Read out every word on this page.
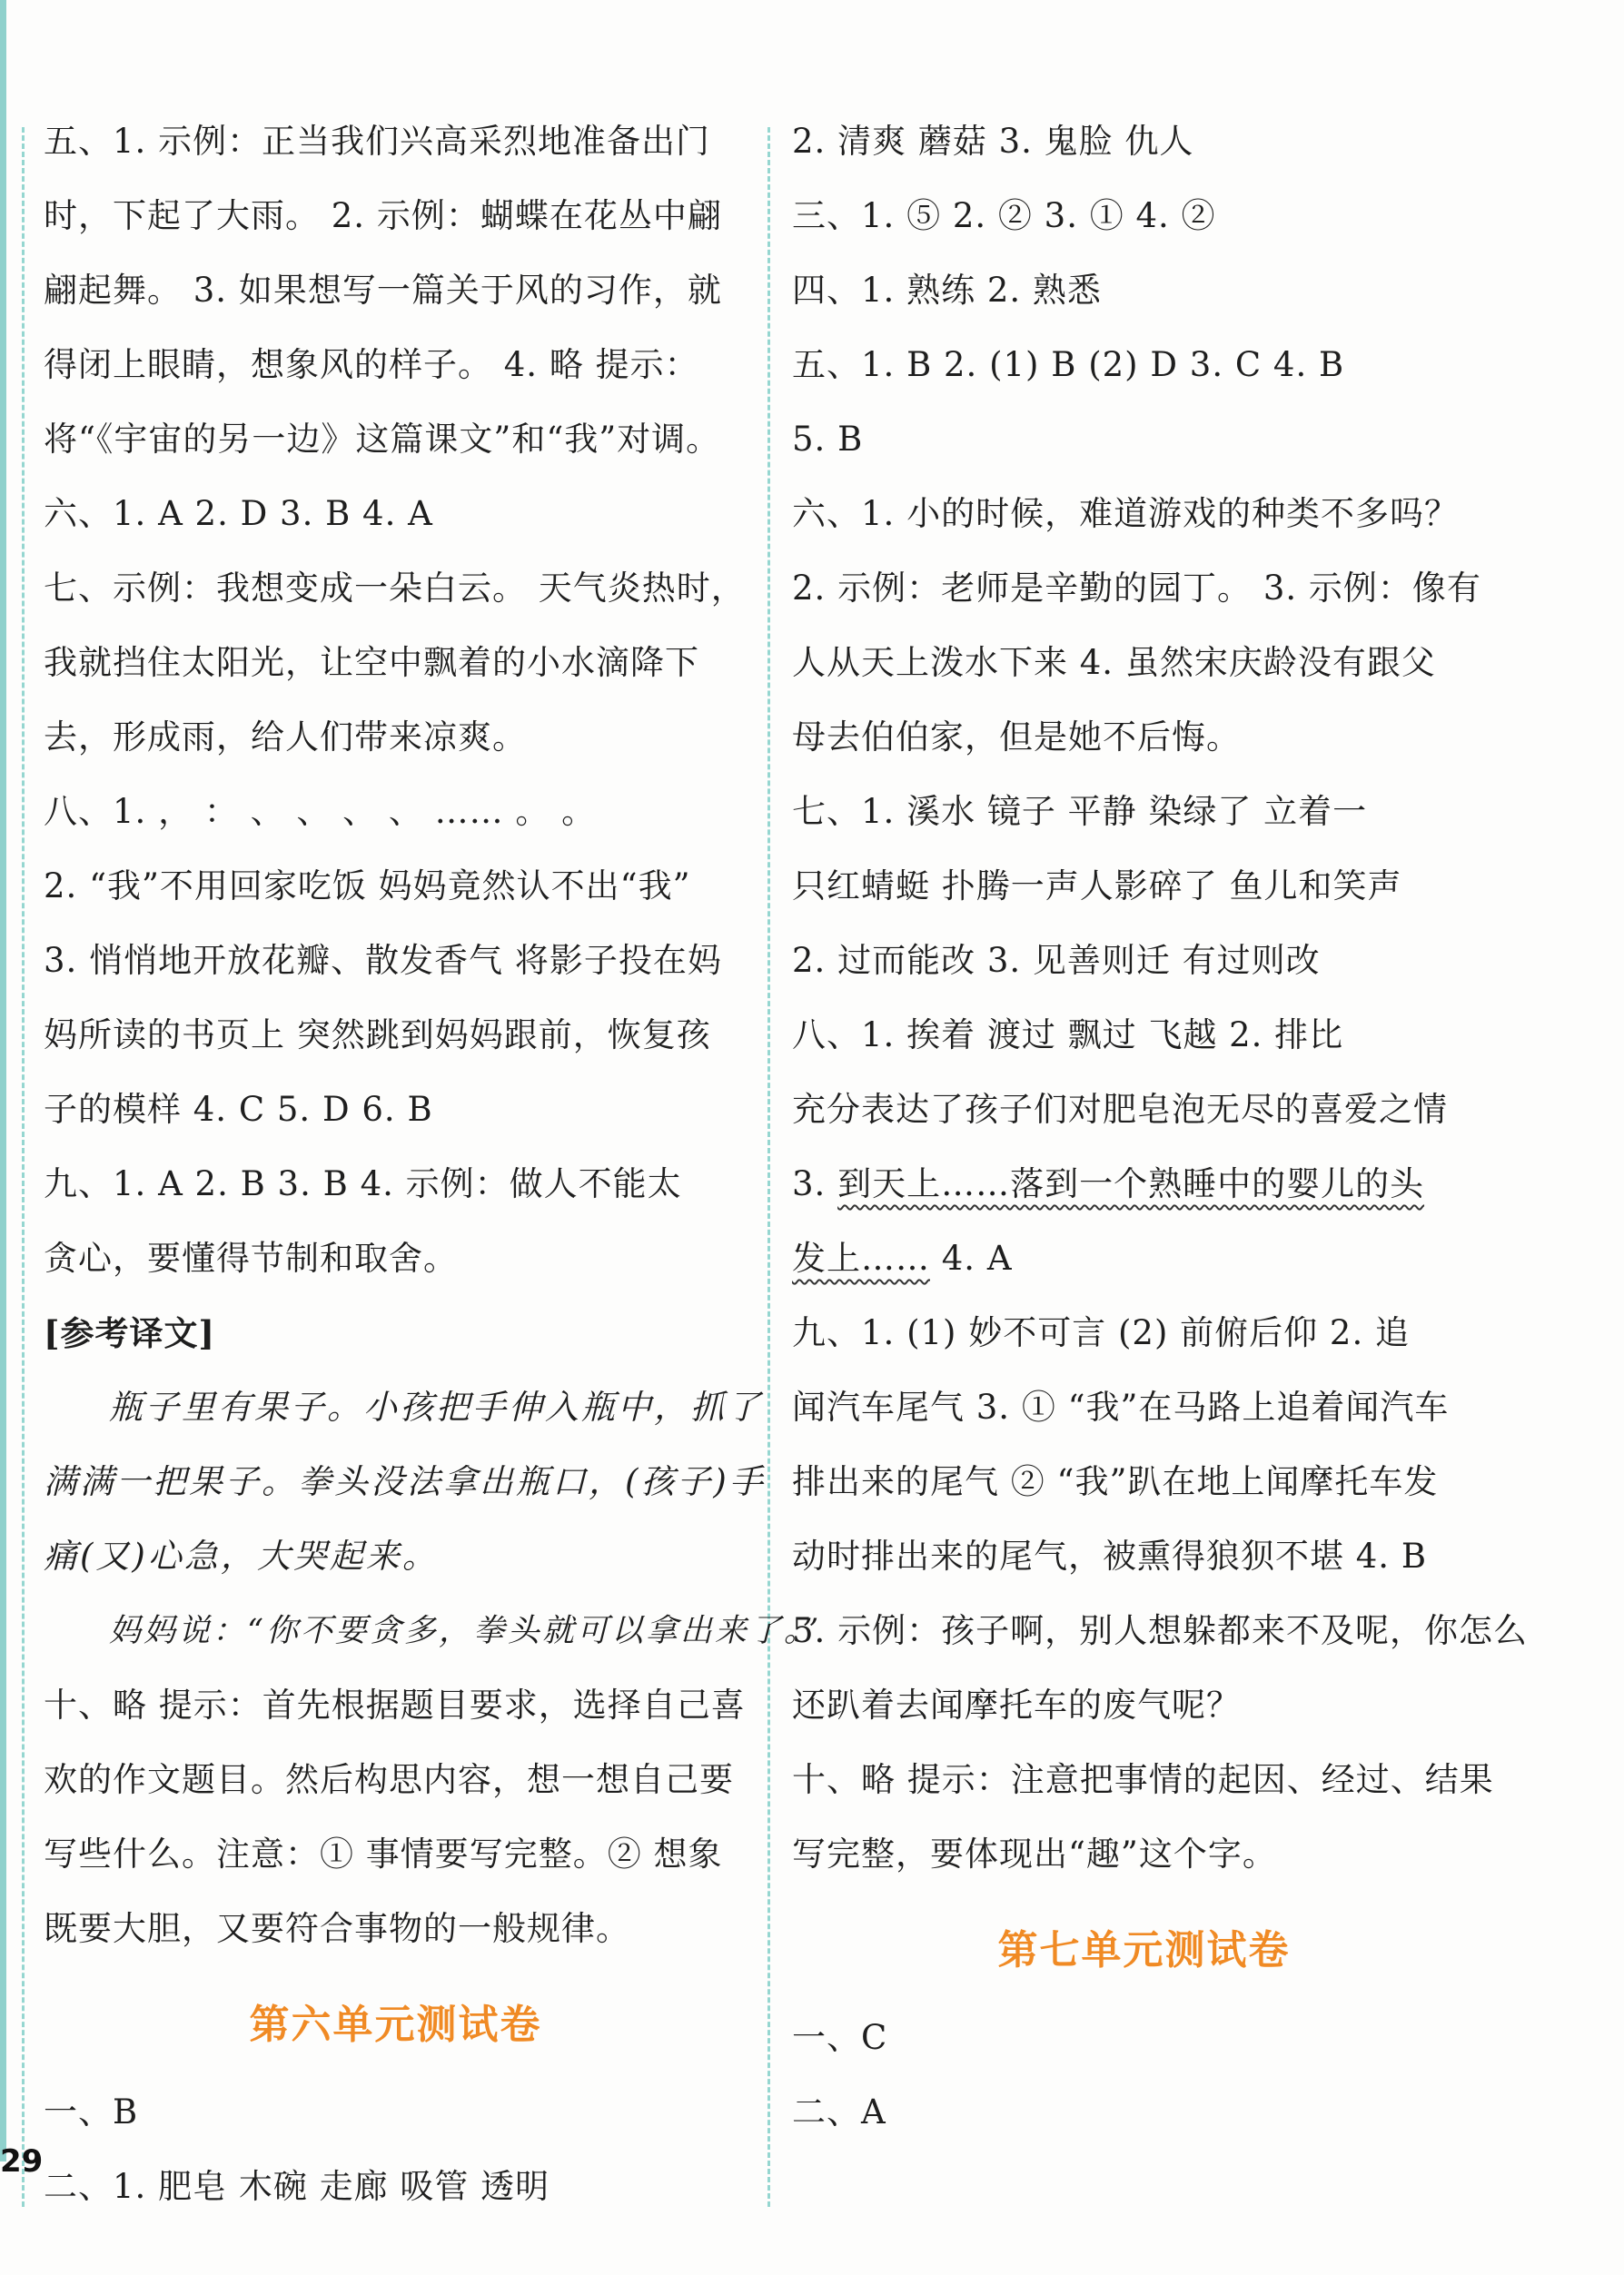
五、1. 示例：正当我们兴高采烈地准备出门
时，下起了大雨。 2. 示例：蝴蝶在花丛中翩
翩起舞。 3. 如果想写一篇关于风的习作，就
得闭上眼睛，想象风的样子。 4. 略 提示：
将“《宇宙的另一边》这篇课文”和“我”对调。
六、1. A 2. D 3. B 4. A
七、示例：我想变成一朵白云。 天气炎热时，
我就挡住太阳光，让空中飘着的小水滴降下
去，形成雨，给人们带来凉爽。
八、1. ， ： 、 、 、 、 …… 。 。
2. “我”不用回家吃饭 妈妈竟然认不出“我”
3. 悄悄地开放花瓣、散发香气 将影子投在妈
妈所读的书页上 突然跳到妈妈跟前，恢复孩
子的模样 4. C 5. D 6. B
九、1. A 2. B 3. B 4. 示例：做人不能太
贪心，要懂得节制和取舍。
[参考译文]
瓶子里有果子。小孩把手伸入瓶中，抓了
满满一把果子。拳头没法拿出瓶口，(孩子)手
痛(又)心急，大哭起来。
妈妈说：“你不要贪多，拳头就可以拿出来了。”
十、略 提示：首先根据题目要求，选择自己喜
欢的作文题目。然后构思内容，想一想自己要
写些什么。注意：① 事情要写完整。② 想象
既要大胆，又要符合事物的一般规律。
第六单元测试卷
一、B
二、1. 肥皂 木碗 走廊 吸管 透明
2. 清爽 蘑菇 3. 鬼脸 仇人
三、1. ⑤ 2. ② 3. ① 4. ②
四、1. 熟练 2. 熟悉
五、1. B 2. (1) B (2) D 3. C 4. B
5. B
六、1. 小的时候，难道游戏的种类不多吗？
2. 示例：老师是辛勤的园丁。 3. 示例：像有
人从天上泼水下来 4. 虽然宋庆龄没有跟父
母去伯伯家，但是她不后悔。
七、1. 溪水 镜子 平静 染绿了 立着一
只红蜻蜓 扑腾一声人影碎了 鱼儿和笑声
2. 过而能改 3. 见善则迁 有过则改
八、1. 挨着 渡过 飘过 飞越 2. 排比
充分表达了孩子们对肥皂泡无尽的喜爱之情
3. 到天上……落到一个熟睡中的婴儿的头
发上…… 4. A
九、1. (1) 妙不可言 (2) 前俯后仰 2. 追
闻汽车尾气 3. ① “我”在马路上追着闻汽车
排出来的尾气 ② “我”趴在地上闻摩托车发
动时排出来的尾气，被熏得狼狈不堪 4. B
5. 示例：孩子啊，别人想躲都来不及呢，你怎么
还趴着去闻摩托车的废气呢？
十、略 提示：注意把事情的起因、经过、结果
写完整，要体现出“趣”这个字。
第七单元测试卷
一、C
二、A
29
